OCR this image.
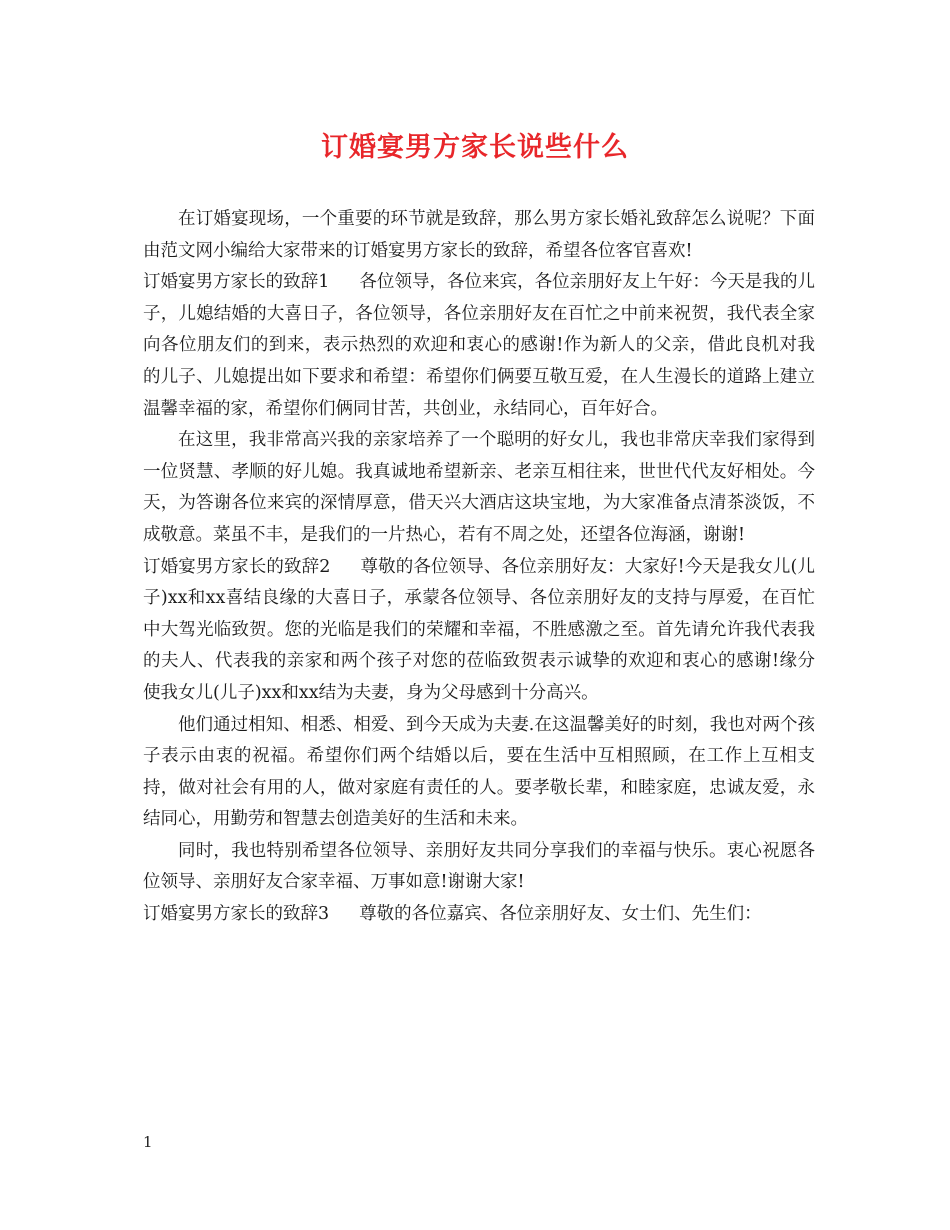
订婚宴男方家长说些什么

在订婚宴现场，一个重要的环节就是致辞，那么男方家长婚礼致辞怎么说呢？下面由范文网小编给大家带来的订婚宴男方家长的致辞，希望各位客官喜欢!

订婚宴男方家长的致辞1 各位领导，各位来宾，各位亲朋好友上午好：今天是我的儿子，儿媳结婚的大喜日子，各位领导，各位亲朋好友在百忙之中前来祝贺，我代表全家向各位朋友们的到来，表示热烈的欢迎和衷心的感谢!作为新人的父亲，借此良机对我的儿子、儿媳提出如下要求和希望：希望你们俩要互敬互爱，在人生漫长的道路上建立温馨幸福的家，希望你们俩同甘苦，共创业，永结同心，百年好合。

在这里，我非常高兴我的亲家培养了一个聪明的好女儿，我也非常庆幸我们家得到一位贤慧、孝顺的好儿媳。我真诚地希望新亲、老亲互相往来，世世代代友好相处。今天，为答谢各位来宾的深情厚意，借天兴大酒店这块宝地，为大家准备点清茶淡饭，不成敬意。菜虽不丰，是我们的一片热心，若有不周之处，还望各位海涵，谢谢!

订婚宴男方家长的致辞2 尊敬的各位领导、各位亲朋好友：大家好!今天是我女儿(儿子)xx和xx喜结良缘的大喜日子，承蒙各位领导、各位亲朋好友的支持与厚爱，在百忙中大驾光临致贺。您的光临是我们的荣耀和幸福，不胜感激之至。首先请允许我代表我的夫人、代表我的亲家和两个孩子对您的莅临致贺表示诚挚的欢迎和衷心的感谢!缘分使我女儿(儿子)xx和xx结为夫妻，身为父母感到十分高兴。

他们通过相知、相悉、相爱、到今天成为夫妻.在这温馨美好的时刻，我也对两个孩子表示由衷的祝福。希望你们两个结婚以后，要在生活中互相照顾，在工作上互相支持，做对社会有用的人，做对家庭有责任的人。要孝敬长辈，和睦家庭，忠诚友爱，永结同心，用勤劳和智慧去创造美好的生活和未来。

同时，我也特别希望各位领导、亲朋好友共同分享我们的幸福与快乐。衷心祝愿各位领导、亲朋好友合家幸福、万事如意!谢谢大家!

订婚宴男方家长的致辞3 尊敬的各位嘉宾、各位亲朋好友、女士们、先生们：

1
